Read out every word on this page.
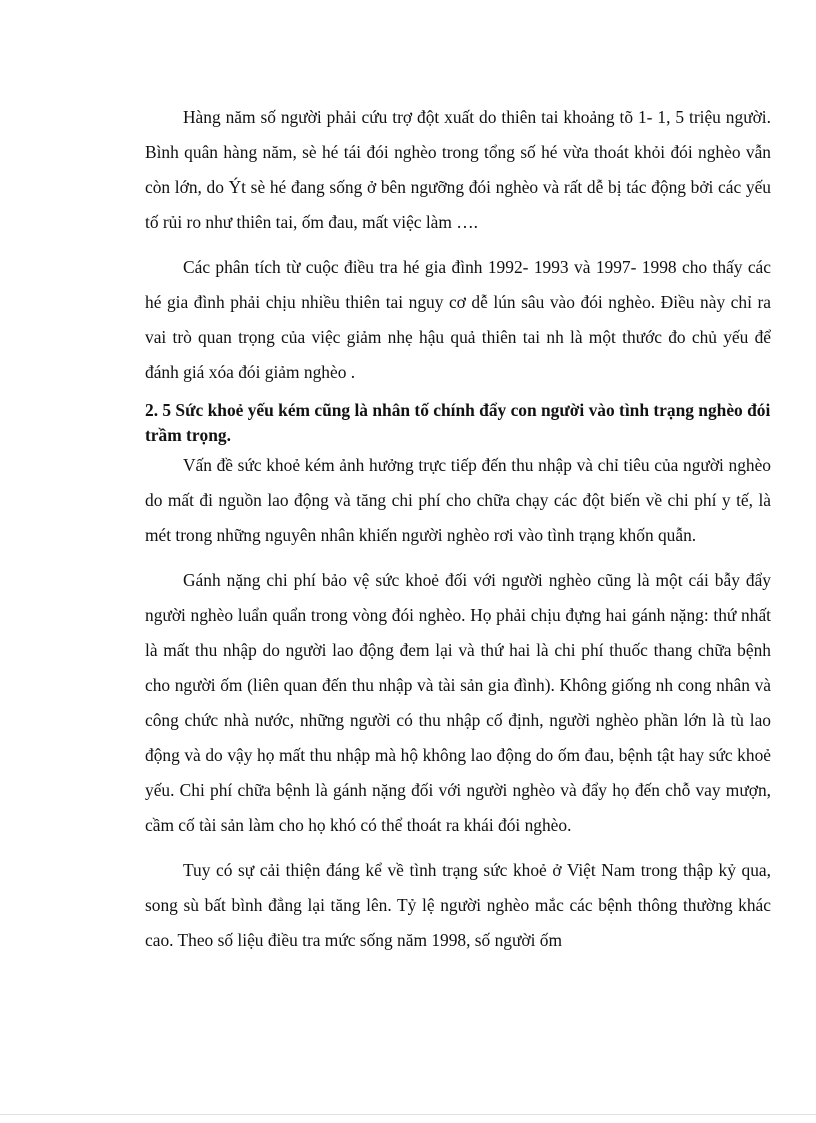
Hàng năm số người phải cứu trợ đột xuất do thiên tai khoảng tõ 1- 1, 5 triệu người. Bình quân hàng năm, sè hé tái đói nghèo trong tổng số hé vừa thoát khỏi đói nghèo vẫn còn lớn, do Ýt sè hé đang sống ở bên ngưỡng đói nghèo và rất dễ bị tác động bởi các yếu tố rủi ro như thiên tai, ốm đau, mất việc làm ….

Các phân tích từ cuộc điều tra hé gia đình 1992- 1993 và 1997- 1998 cho thấy các hé gia đình phải chịu nhiều thiên tai nguy cơ dễ lún sâu vào đói nghèo. Điều này chỉ ra vai trò quan trọng của việc giảm nhẹ hậu quả thiên tai nh là một thước đo chủ yếu để đánh giá xóa đói giảm nghèo .

2. 5 Sức khoẻ yếu kém cũng là nhân tố chính đẩy con người vào tình trạng nghèo đói trầm trọng.

Vấn đề sức khoẻ kém ảnh hưởng trực tiếp đến thu nhập và chỉ tiêu của người nghèo do mất đi nguồn lao động và tăng chi phí cho chữa chạy các đột biến về chi phí y tế, là mét trong những nguyên nhân khiến người nghèo rơi vào tình trạng khốn quẫn.

Gánh nặng chi phí bảo vệ sức khoẻ đối với người nghèo cũng là một cái bẫy đẩy người nghèo luẩn quẩn trong vòng đói nghèo. Họ phải chịu đựng hai gánh nặng: thứ nhất là mất thu nhập do người lao động đem lại và thứ hai là chi phí thuốc thang chữa bệnh cho người ốm (liên quan đến thu nhập và tài sản gia đình). Không giống nh cong nhân và công chức nhà nước, những người có thu nhập cố định, người nghèo phần lớn là tù lao động và do vậy họ mất thu nhập mà hộ không lao động do ốm đau, bệnh tật hay sức khoẻ yếu. Chi phí chữa bệnh là gánh nặng đối với người nghèo và đẩy họ đến chỗ vay mượn, cầm cố tài sản làm cho họ khó có thể thoát ra khái đói nghèo.

Tuy có sự cải thiện đáng kể về tình trạng sức khoẻ ở Việt Nam trong thập kỷ qua, song sù bất bình đẳng lại tăng lên. Tỷ lệ người nghèo mắc các bệnh thông thường khác cao. Theo số liệu điều tra mức sống năm 1998, số người ốm
